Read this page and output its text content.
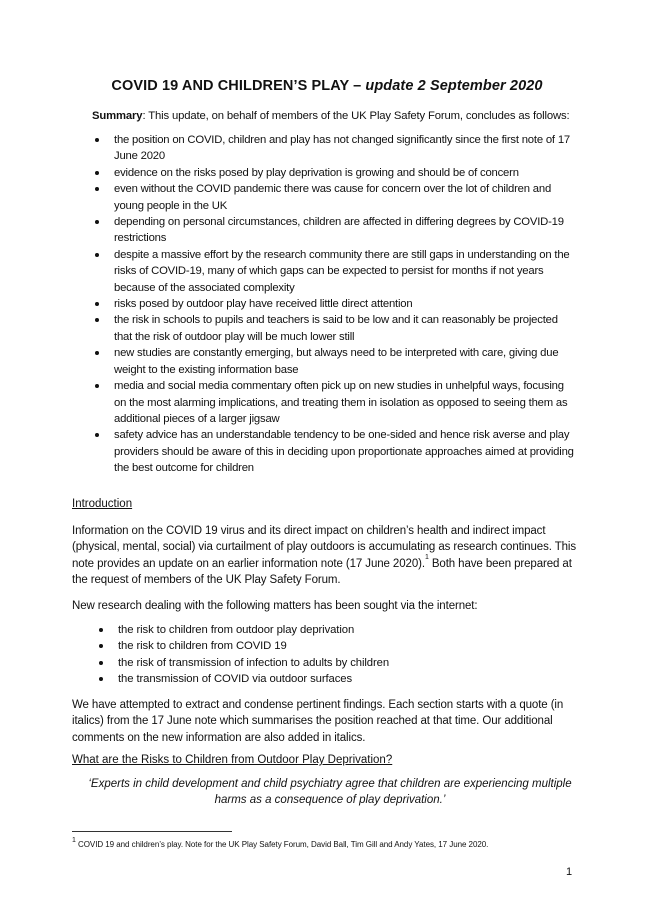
COVID 19 AND CHILDREN’S PLAY – update 2 September 2020
Summary: This update, on behalf of members of the UK Play Safety Forum, concludes as follows:
the position on COVID, children and play has not changed significantly since the first note of 17 June 2020
evidence on the risks posed by play deprivation is growing and should be of concern
even without the COVID pandemic there was cause for concern over the lot of children and young people in the UK
depending on personal circumstances, children are affected in differing degrees by COVID-19 restrictions
despite a massive effort by the research community there are still gaps in understanding on the risks of COVID-19, many of which gaps can be expected to persist for months if not years because of the associated complexity
risks posed by outdoor play have received little direct attention
the risk in schools to pupils and teachers is said to be low and it can reasonably be projected that the risk of outdoor play will be much lower still
new studies are constantly emerging, but always need to be interpreted with care, giving due weight to the existing information base
media and social media commentary often pick up on new studies in unhelpful ways, focusing on the most alarming implications, and treating them in isolation as opposed to seeing them as additional pieces of a larger jigsaw
safety advice has an understandable tendency to be one-sided and hence risk averse and play providers should be aware of this in deciding upon proportionate approaches aimed at providing the best outcome for children
Introduction
Information on the COVID 19 virus and its direct impact on children’s health and indirect impact (physical, mental, social) via curtailment of play outdoors is accumulating as research continues. This note provides an update on an earlier information note (17 June 2020).$^1$ Both have been prepared at the request of members of the UK Play Safety Forum.
New research dealing with the following matters has been sought via the internet:
the risk to children from outdoor play deprivation
the risk to children from COVID 19
the risk of transmission of infection to adults by children
the transmission of COVID via outdoor surfaces
We have attempted to extract and condense pertinent findings. Each section starts with a quote (in italics) from the 17 June note which summarises the position reached at that time. Our additional comments on the new information are also added in italics.
What are the Risks to Children from Outdoor Play Deprivation?
‘Experts in child development and child psychiatry agree that children are experiencing multiple harms as a consequence of play deprivation.’
$^1$ COVID 19 and children’s play. Note for the UK Play Safety Forum, David Ball, Tim Gill and Andy Yates, 17 June 2020.
1
